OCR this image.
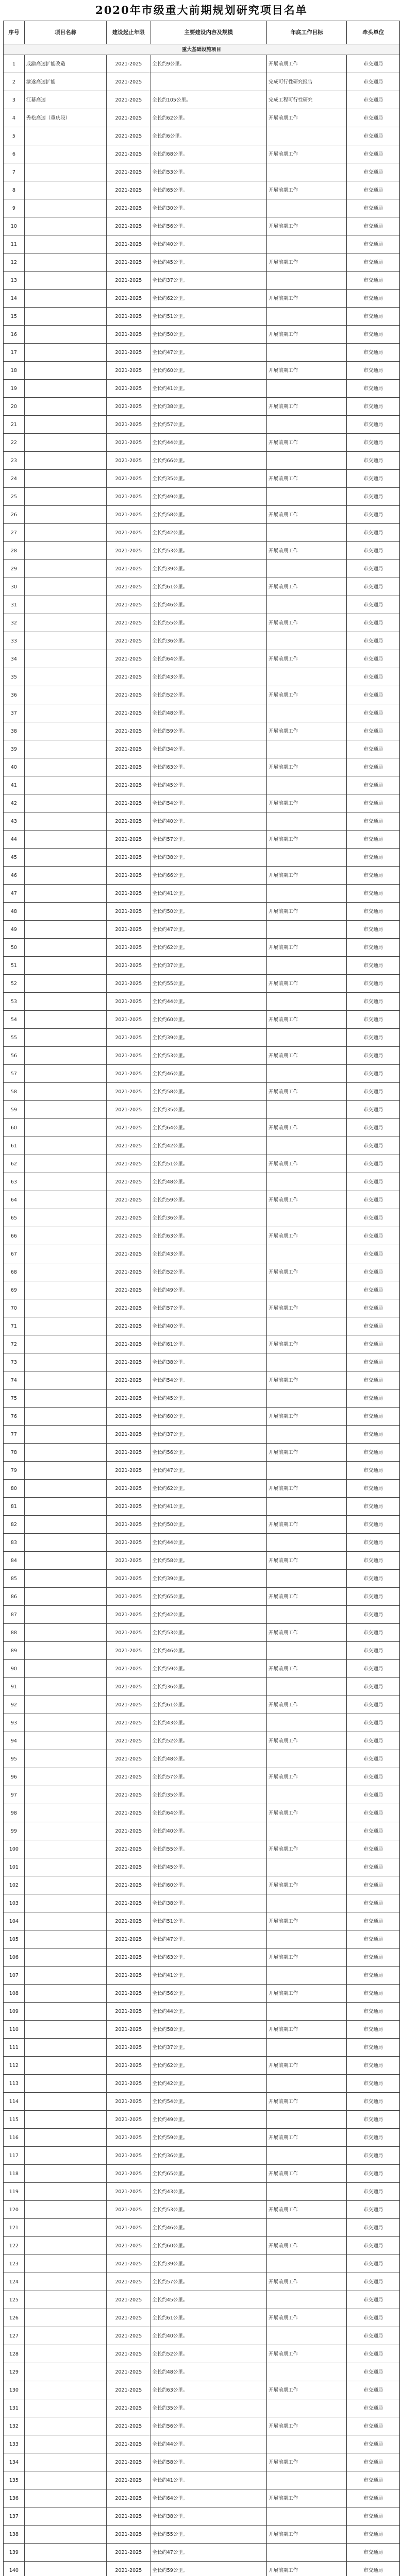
2020年市级重大前期规划研究项目名单
序号	项目名称	建设起止年限	主要建设内容及规模	年底工作目标	牵头单位
重大基础设施项目					
1	成渝高速扩能改造	2021-2025	全长约9公里。	开展前期工作	市交通局
2	渝遂高速扩能	2021-2025		完成可行性研究报告	市交通局
3	江綦高速	2021-2025	全长约105公里。	完成工程可行性研究	市交通局
4	秀松高速（重庆段）	2021-2025	全长约62公里。	开展前期工作	市交通局
5		2021-2025	全长约6公里。		市交通局
6		2021-2025	全长约68公里。	开展前期工作	市交通局
7		2021-2025	全长约53公里。		市交通局
8		2021-2025	全长约65公里。	开展前期工作	市交通局
9		2021-2025	全长约30公里。		市交通局
10		2021-2025	全长约56公里。	开展前期工作	市交通局
11		2021-2025	全长约40公里。		市交通局
12		2021-2025	全长约45公里。	开展前期工作	市交通局
13		2021-2025	全长约37公里。		市交通局
14		2021-2025	全长约62公里。	开展前期工作	市交通局
15		2021-2025	全长约51公里。		市交通局
16		2021-2025	全长约50公里。	开展前期工作	市交通局
17		2021-2025	全长约47公里。		市交通局
18		2021-2025	全长约60公里。	开展前期工作	市交通局
19		2021-2025	全长约41公里。		市交通局
20		2021-2025	全长约38公里。	开展前期工作	市交通局
21		2021-2025	全长约57公里。		市交通局
22		2021-2025	全长约44公里。	开展前期工作	市交通局
23		2021-2025	全长约66公里。		市交通局
24		2021-2025	全长约35公里。	开展前期工作	市交通局
25		2021-2025	全长约49公里。		市交通局
26		2021-2025	全长约58公里。	开展前期工作	市交通局
27		2021-2025	全长约42公里。		市交通局
28		2021-2025	全长约53公里。	开展前期工作	市交通局
29		2021-2025	全长约39公里。		市交通局
30		2021-2025	全长约61公里。	开展前期工作	市交通局
31		2021-2025	全长约46公里。		市交通局
32		2021-2025	全长约55公里。	开展前期工作	市交通局
33		2021-2025	全长约36公里。		市交通局
34		2021-2025	全长约64公里。	开展前期工作	市交通局
35		2021-2025	全长约43公里。		市交通局
36		2021-2025	全长约52公里。	开展前期工作	市交通局
37		2021-2025	全长约48公里。		市交通局
38		2021-2025	全长约59公里。	开展前期工作	市交通局
39		2021-2025	全长约34公里。		市交通局
40		2021-2025	全长约63公里。	开展前期工作	市交通局
41		2021-2025	全长约45公里。		市交通局
42		2021-2025	全长约54公里。	开展前期工作	市交通局
43		2021-2025	全长约40公里。		市交通局
44		2021-2025	全长约57公里。	开展前期工作	市交通局
45		2021-2025	全长约38公里。		市交通局
46		2021-2025	全长约66公里。	开展前期工作	市交通局
47		2021-2025	全长约41公里。		市交通局
48		2021-2025	全长约50公里。	开展前期工作	市交通局
49		2021-2025	全长约47公里。		市交通局
50		2021-2025	全长约62公里。	开展前期工作	市交通局
51		2021-2025	全长约37公里。		市交通局
52		2021-2025	全长约55公里。	开展前期工作	市交通局
53		2021-2025	全长约44公里。		市交通局
54		2021-2025	全长约60公里。	开展前期工作	市交通局
55		2021-2025	全长约39公里。		市交通局
56		2021-2025	全长约53公里。	开展前期工作	市交通局
57		2021-2025	全长约46公里。		市交通局
58		2021-2025	全长约58公里。	开展前期工作	市交通局
59		2021-2025	全长约35公里。		市交通局
60		2021-2025	全长约64公里。	开展前期工作	市交通局
61		2021-2025	全长约42公里。		市交通局
62		2021-2025	全长约51公里。	开展前期工作	市交通局
63		2021-2025	全长约48公里。		市交通局
64		2021-2025	全长约59公里。	开展前期工作	市交通局
65		2021-2025	全长约36公里。		市交通局
66		2021-2025	全长约63公里。	开展前期工作	市交通局
67		2021-2025	全长约43公里。		市交通局
68		2021-2025	全长约52公里。	开展前期工作	市交通局
69		2021-2025	全长约49公里。		市交通局
70		2021-2025	全长约57公里。	开展前期工作	市交通局
71		2021-2025	全长约40公里。		市交通局
72		2021-2025	全长约61公里。	开展前期工作	市交通局
73		2021-2025	全长约38公里。		市交通局
74		2021-2025	全长约54公里。	开展前期工作	市交通局
75		2021-2025	全长约45公里。		市交通局
76		2021-2025	全长约60公里。	开展前期工作	市交通局
77		2021-2025	全长约37公里。		市交通局
78		2021-2025	全长约56公里。	开展前期工作	市交通局
79		2021-2025	全长约47公里。		市交通局
80		2021-2025	全长约62公里。	开展前期工作	市交通局
81		2021-2025	全长约41公里。		市交通局
82		2021-2025	全长约50公里。	开展前期工作	市交通局
83		2021-2025	全长约44公里。		市交通局
84		2021-2025	全长约58公里。	开展前期工作	市交通局
85		2021-2025	全长约39公里。		市交通局
86		2021-2025	全长约65公里。	开展前期工作	市交通局
87		2021-2025	全长约42公里。		市交通局
88		2021-2025	全长约53公里。	开展前期工作	市交通局
89		2021-2025	全长约46公里。		市交通局
90		2021-2025	全长约59公里。	开展前期工作	市交通局
91		2021-2025	全长约36公里。		市交通局
92		2021-2025	全长约61公里。	开展前期工作	市交通局
93		2021-2025	全长约43公里。		市交通局
94		2021-2025	全长约52公里。	开展前期工作	市交通局
95		2021-2025	全长约48公里。		市交通局
96		2021-2025	全长约57公里。	开展前期工作	市交通局
97		2021-2025	全长约35公里。		市交通局
98		2021-2025	全长约64公里。	开展前期工作	市交通局
99		2021-2025	全长约40公里。		市交通局
100		2021-2025	全长约55公里。	开展前期工作	市交通局
101		2021-2025	全长约45公里。		市交通局
102		2021-2025	全长约60公里。	开展前期工作	市交通局
103		2021-2025	全长约38公里。		市交通局
104		2021-2025	全长约51公里。	开展前期工作	市交通局
105		2021-2025	全长约47公里。		市交通局
106		2021-2025	全长约63公里。	开展前期工作	市交通局
107		2021-2025	全长约41公里。		市交通局
108		2021-2025	全长约56公里。	开展前期工作	市交通局
109		2021-2025	全长约44公里。		市交通局
110		2021-2025	全长约58公里。	开展前期工作	市交通局
111		2021-2025	全长约37公里。		市交通局
112		2021-2025	全长约62公里。	开展前期工作	市交通局
113		2021-2025	全长约42公里。		市交通局
114		2021-2025	全长约54公里。	开展前期工作	市交通局
115		2021-2025	全长约49公里。		市交通局
116		2021-2025	全长约59公里。	开展前期工作	市交通局
117		2021-2025	全长约36公里。		市交通局
118		2021-2025	全长约65公里。	开展前期工作	市交通局
119		2021-2025	全长约43公里。		市交通局
120		2021-2025	全长约53公里。	开展前期工作	市交通局
121		2021-2025	全长约46公里。		市交通局
122		2021-2025	全长约60公里。	开展前期工作	市交通局
123		2021-2025	全长约39公里。		市交通局
124		2021-2025	全长约57公里。	开展前期工作	市交通局
125		2021-2025	全长约45公里。		市交通局
126		2021-2025	全长约61公里。	开展前期工作	市交通局
127		2021-2025	全长约40公里。		市交通局
128		2021-2025	全长约52公里。	开展前期工作	市交通局
129		2021-2025	全长约48公里。		市交通局
130		2021-2025	全长约63公里。	开展前期工作	市交通局
131		2021-2025	全长约35公里。		市交通局
132		2021-2025	全长约56公里。	开展前期工作	市交通局
133		2021-2025	全长约44公里。		市交通局
134		2021-2025	全长约58公里。	开展前期工作	市交通局
135		2021-2025	全长约41公里。		市交通局
136		2021-2025	全长约64公里。	开展前期工作	市交通局
137		2021-2025	全长约38公里。		市交通局
138		2021-2025	全长约55公里。	开展前期工作	市交通局
139		2021-2025	全长约47公里。		市交通局
140		2021-2025	全长约59公里。	开展前期工作	市交通局
